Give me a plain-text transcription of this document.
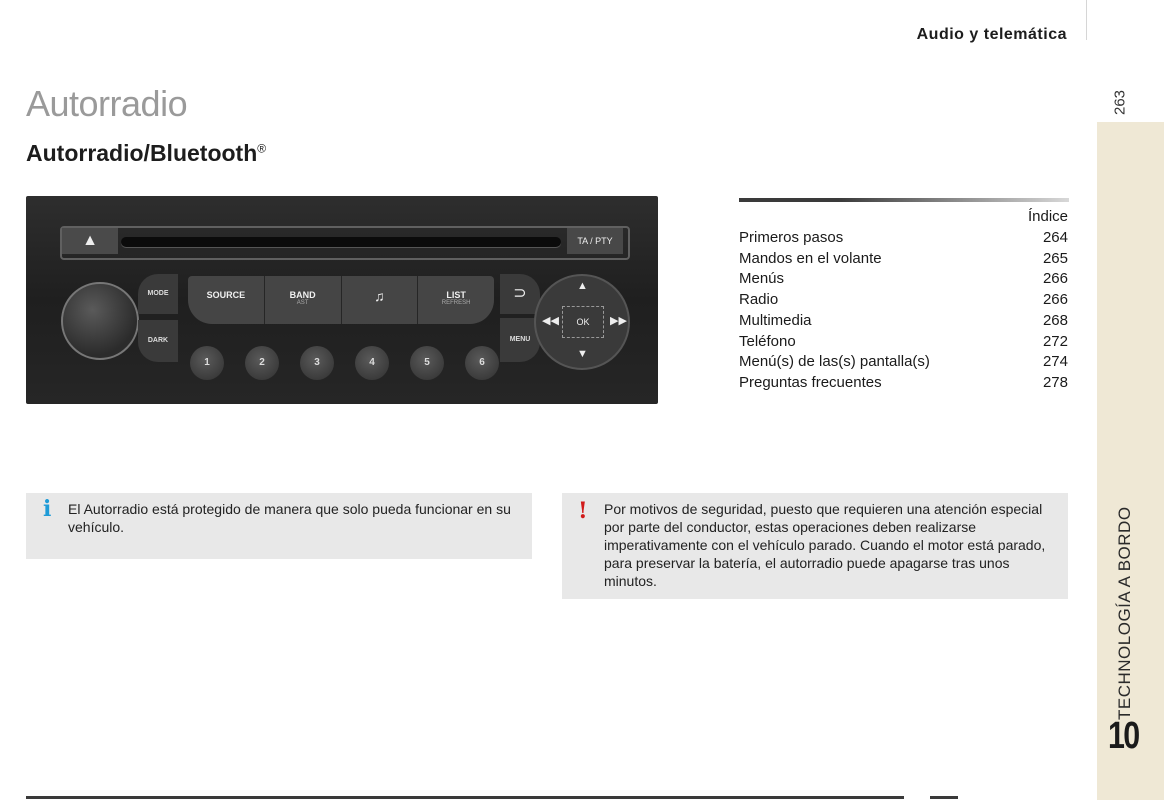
Audio y telemática
263
TECHNOLOGÍA A BORDO
10
Autorradio
Autorradio/Bluetooth®
▲	TA / PTY
MODE
DARK
SOURCE	BAND
AST	♫	LIST
REFRESH
⊃
MENU
▲
▼
◀◀	▶▶
OK
1	2	3	4	5	6
Índice
Primeros pasos	264
Mandos en el volante	265
Menús	266
Radio	266
Multimedia	268
Teléfono	272
Menú(s) de las(s) pantalla(s)	274
Preguntas frecuentes	278
i El Autorradio está protegido de manera que solo pueda funcionar en su vehículo.
! Por motivos de seguridad, puesto que requieren una atención especial por parte del conductor, estas operaciones deben realizarse imperativamente con el vehículo parado. Cuando el motor está parado, para preservar la batería, el autorradio puede apagarse tras unos minutos.
